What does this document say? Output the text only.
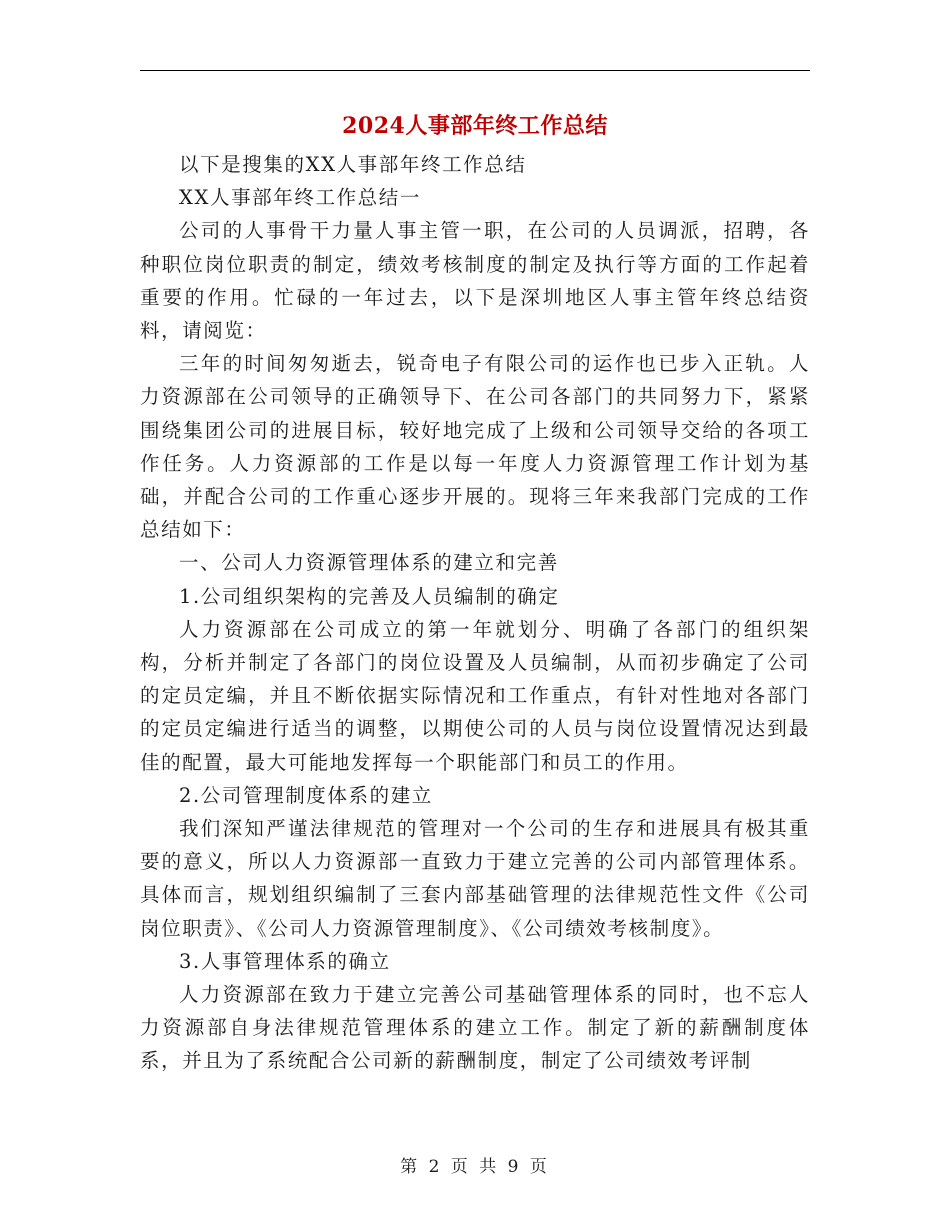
2024人事部年终工作总结

以下是搜集的XX人事部年终工作总结

XX人事部年终工作总结一

公司的人事骨干力量人事主管一职，在公司的人员调派，招聘，各种职位岗位职责的制定，绩效考核制度的制定及执行等方面的工作起着重要的作用。忙碌的一年过去，以下是深圳地区人事主管年终总结资料，请阅览：

三年的时间匆匆逝去，锐奇电子有限公司的运作也已步入正轨。人力资源部在公司领导的正确领导下、在公司各部门的共同努力下，紧紧围绕集团公司的进展目标，较好地完成了上级和公司领导交给的各项工作任务。人力资源部的工作是以每一年度人力资源管理工作计划为基础，并配合公司的工作重心逐步开展的。现将三年来我部门完成的工作总结如下：

一、公司人力资源管理体系的建立和完善

1.公司组织架构的完善及人员编制的确定

人力资源部在公司成立的第一年就划分、明确了各部门的组织架构，分析并制定了各部门的岗位设置及人员编制，从而初步确定了公司的定员定编，并且不断依据实际情况和工作重点，有针对性地对各部门的定员定编进行适当的调整，以期使公司的人员与岗位设置情况达到最佳的配置，最大可能地发挥每一个职能部门和员工的作用。

2.公司管理制度体系的建立

我们深知严谨法律规范的管理对一个公司的生存和进展具有极其重要的意义，所以人力资源部一直致力于建立完善的公司内部管理体系。具体而言，规划组织编制了三套内部基础管理的法律规范性文件《公司岗位职责》、《公司人力资源管理制度》、《公司绩效考核制度》。

3.人事管理体系的确立

人力资源部在致力于建立完善公司基础管理体系的同时，也不忘人力资源部自身法律规范管理体系的建立工作。制定了新的薪酬制度体系，并且为了系统配合公司新的薪酬制度，制定了公司绩效考评制

第 2 页 共 9 页
